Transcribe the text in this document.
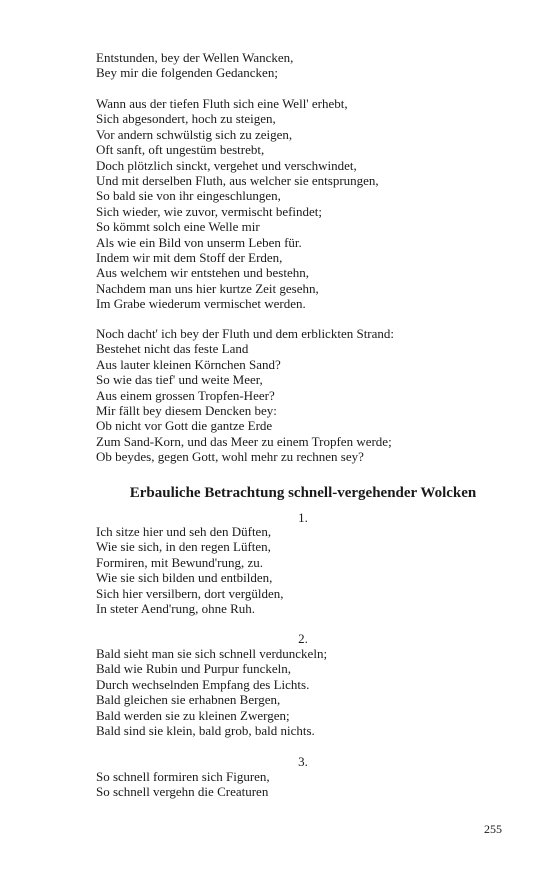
Entstunden, bey der Wellen Wancken,
Bey mir die folgenden Gedancken;
Wann aus der tiefen Fluth sich eine Well' erhebt,
Sich abgesondert, hoch zu steigen,
Vor andern schwülstig sich zu zeigen,
Oft sanft, oft ungestüm bestrebt,
Doch plötzlich sinckt, vergehet und verschwindet,
Und mit derselben Fluth, aus welcher sie entsprungen,
So bald sie von ihr eingeschlungen,
Sich wieder, wie zuvor, vermischt befindet;
So kömmt solch eine Welle mir
Als wie ein Bild von unserm Leben für.
Indem wir mit dem Stoff der Erden,
Aus welchem wir entstehen und bestehn,
Nachdem man uns hier kurtze Zeit gesehn,
Im Grabe wiederum vermischet werden.
Noch dacht' ich bey der Fluth und dem erblickten Strand:
Bestehet nicht das feste Land
Aus lauter kleinen Körnchen Sand?
So wie das tief' und weite Meer,
Aus einem grossen Tropfen-Heer?
Mir fällt bey diesem Dencken bey:
Ob nicht vor Gott die gantze Erde
Zum Sand-Korn, und das Meer zu einem Tropfen werde;
Ob beydes, gegen Gott, wohl mehr zu rechnen sey?
Erbauliche Betrachtung schnell-vergehender Wolcken
1.
Ich sitze hier und seh den Düften,
Wie sie sich, in den regen Lüften,
Formiren, mit Bewund'rung, zu.
Wie sie sich bilden und entbilden,
Sich hier versilbern, dort vergülden,
In steter Aend'rung, ohne Ruh.
2.
Bald sieht man sie sich schnell verdunckeln;
Bald wie Rubin und Purpur funckeln,
Durch wechselnden Empfang des Lichts.
Bald gleichen sie erhabnen Bergen,
Bald werden sie zu kleinen Zwergen;
Bald sind sie klein, bald grob, bald nichts.
3.
So schnell formiren sich Figuren,
So schnell vergehn die Creaturen
255
